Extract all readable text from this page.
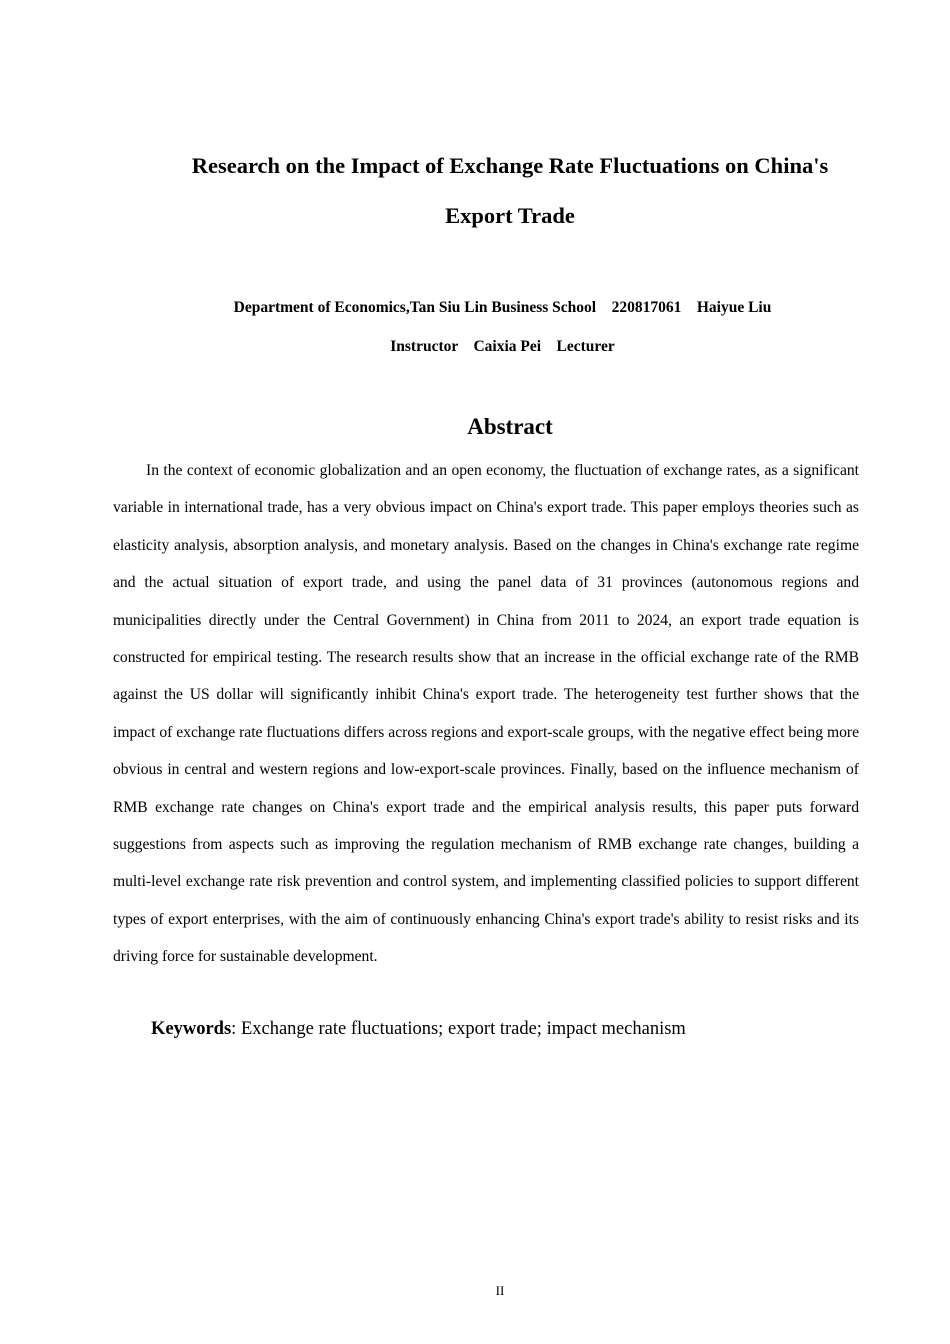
Research on the Impact of Exchange Rate Fluctuations on China's
Export Trade
Department of Economics,Tan Siu Lin Business School    220817061    Haiyue Liu
Instructor    Caixia Pei    Lecturer
Abstract

In the context of economic globalization and an open economy, the fluctuation of exchange rates, as a significant variable in international trade, has a very obvious impact on China's export trade. This paper employs theories such as elasticity analysis, absorption analysis, and monetary analysis. Based on the changes in China's exchange rate regime and the actual situation of export trade, and using the panel data of 31 provinces (autonomous regions and municipalities directly under the Central Government) in China from 2011 to 2024, an export trade equation is constructed for empirical testing. The research results show that an increase in the official exchange rate of the RMB against the US dollar will significantly inhibit China's export trade. The heterogeneity test further shows that the impact of exchange rate fluctuations differs across regions and export-scale groups, with the negative effect being more obvious in central and western regions and low-export-scale provinces. Finally, based on the influence mechanism of RMB exchange rate changes on China's export trade and the empirical analysis results, this paper puts forward suggestions from aspects such as improving the regulation mechanism of RMB exchange rate changes, building a multi-level exchange rate risk prevention and control system, and implementing classified policies to support different types of export enterprises, with the aim of continuously enhancing China's export trade's ability to resist risks and its driving force for sustainable development.

Keywords: Exchange rate fluctuations; export trade; impact mechanism
II
